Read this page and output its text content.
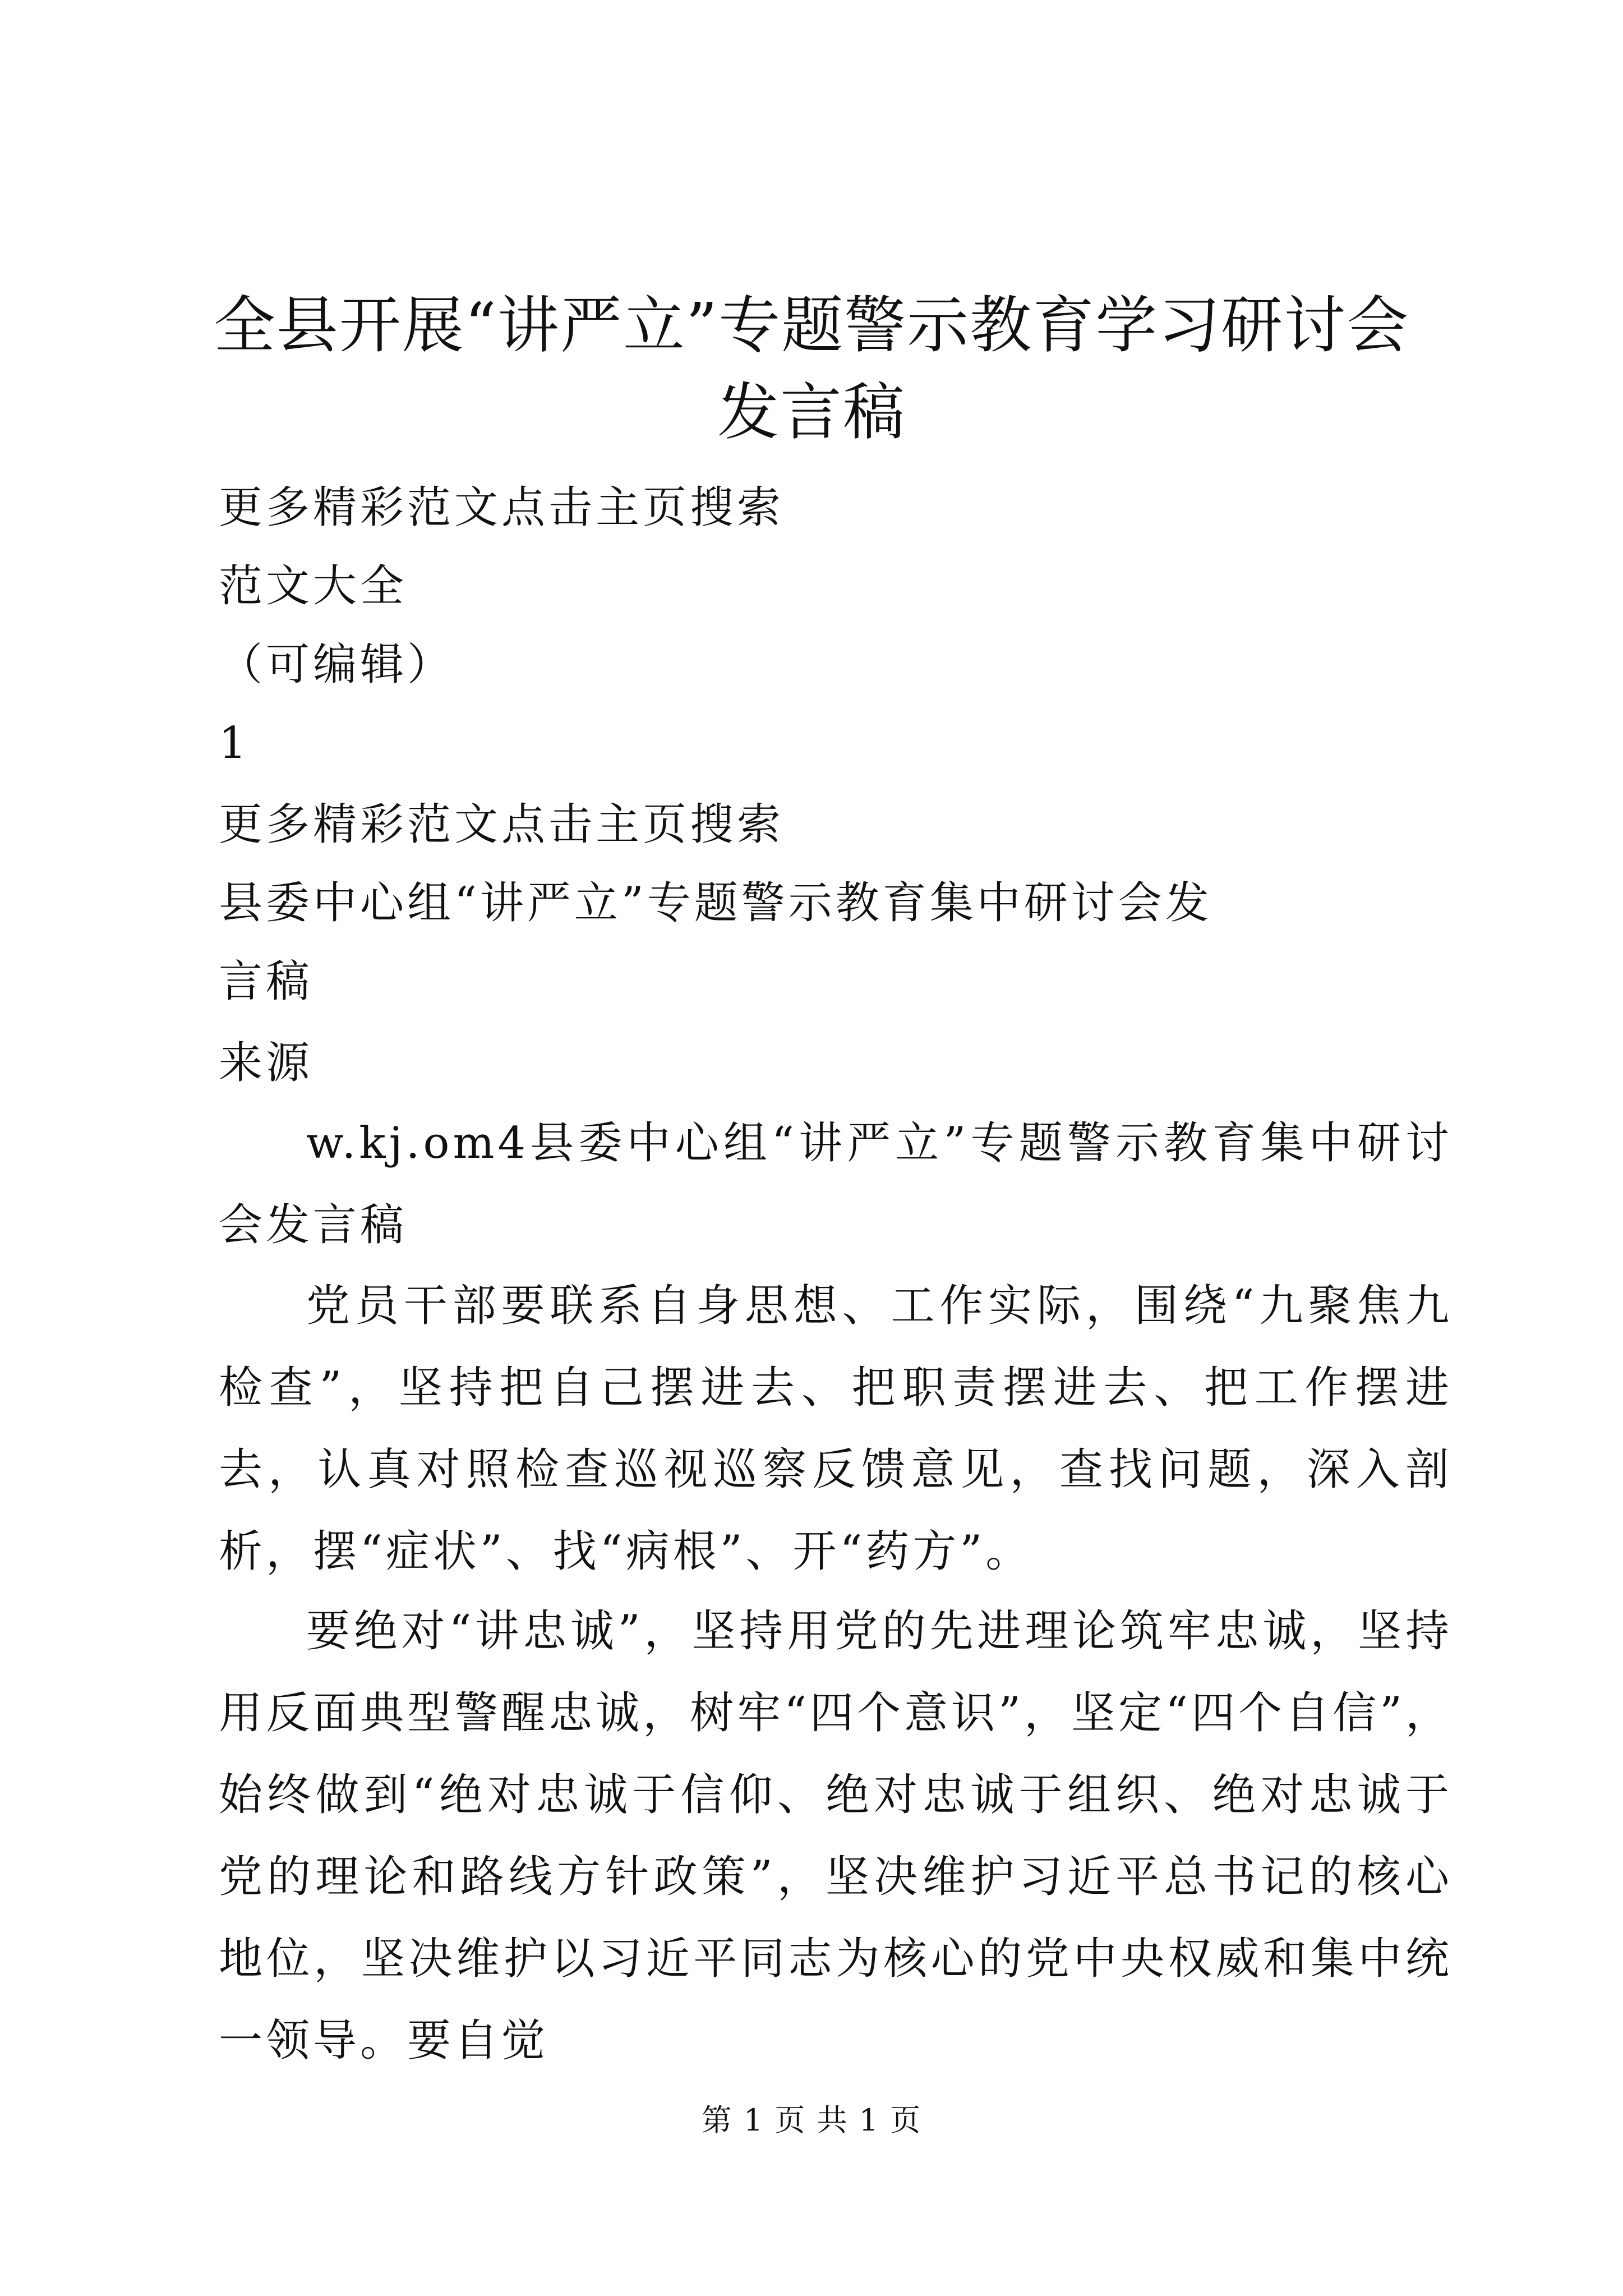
全县开展“讲严立”专题警示教育学习研讨会
发言稿

更多精彩范文点击主页搜索

范文大全

（可编辑）

1

更多精彩范文点击主页搜索

县委中心组“讲严立”专题警示教育集中研讨会发

言稿

来源

w.kj.om4县委中心组“讲严立”专题警示教育集中研讨会发言稿

党员干部要联系自身思想、工作实际，围绕“九聚焦九检查”，坚持把自己摆进去、把职责摆进去、把工作摆进去，认真对照检查巡视巡察反馈意见，查找问题，深入剖析，摆“症状”、找“病根”、开“药方”。

要绝对“讲忠诚”，坚持用党的先进理论筑牢忠诚，坚持用反面典型警醒忠诚，树牢“四个意识”，坚定“四个自信”，始终做到“绝对忠诚于信仰、绝对忠诚于组织、绝对忠诚于党的理论和路线方针政策”，坚决维护习近平总书记的核心地位，坚决维护以习近平同志为核心的党中央权威和集中统一领导。要自觉

第 1 页 共 1 页
